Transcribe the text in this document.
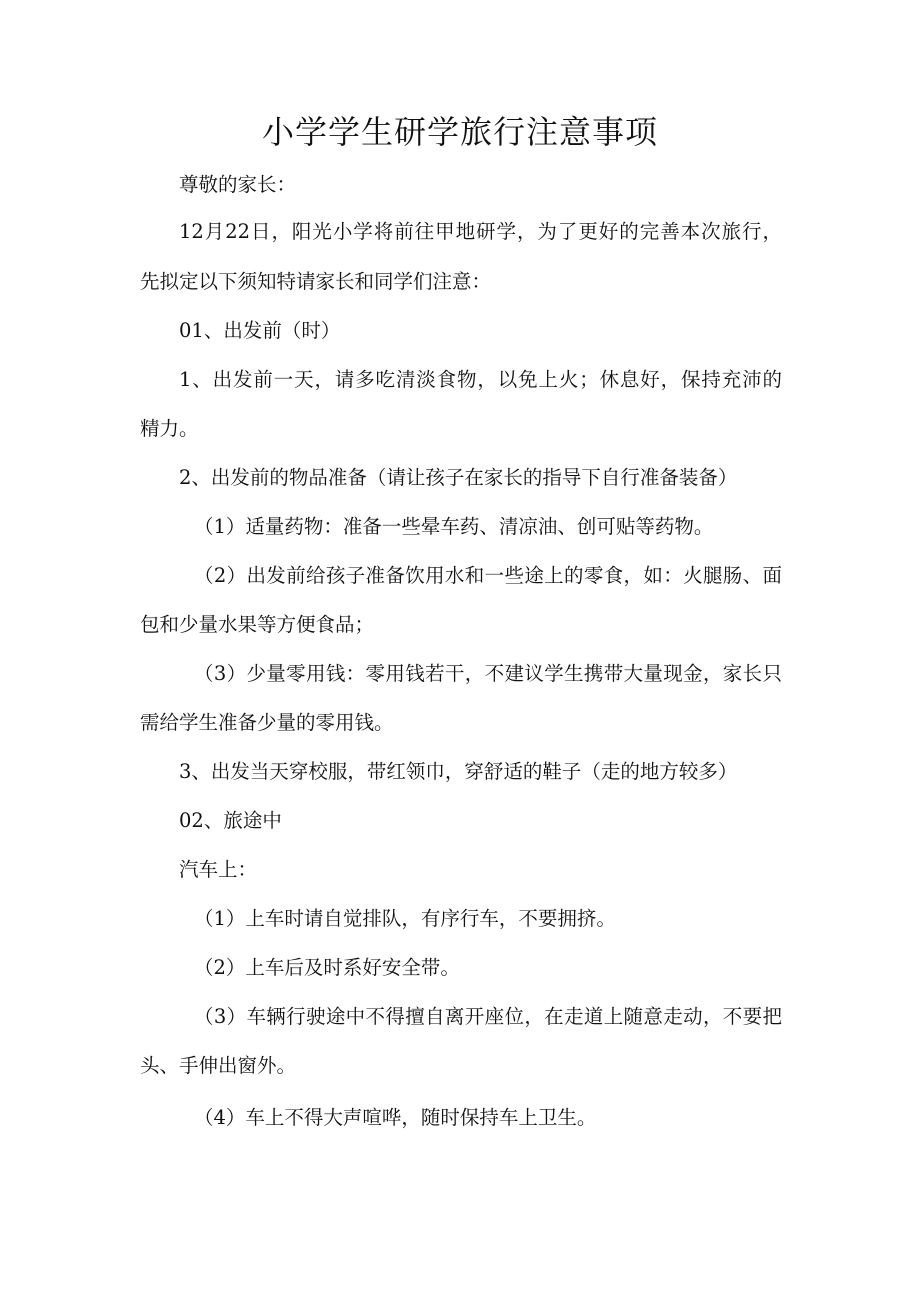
小学学生研学旅行注意事项
尊敬的家长：
12月22日，阳光小学将前往甲地研学，为了更好的完善本次旅行，
先拟定以下须知特请家长和同学们注意：
01、出发前（时）
1、出发前一天，请多吃清淡食物，以免上火；休息好，保持充沛的
精力。
2、出发前的物品准备（请让孩子在家长的指导下自行准备装备）
（1）适量药物：准备一些晕车药、清凉油、创可贴等药物。
（2）出发前给孩子准备饮用水和一些途上的零食，如：火腿肠、面
包和少量水果等方便食品；
（3）少量零用钱：零用钱若干，不建议学生携带大量现金，家长只
需给学生准备少量的零用钱。
3、出发当天穿校服，带红领巾，穿舒适的鞋子（走的地方较多）
02、旅途中
汽车上：
（1）上车时请自觉排队，有序行车，不要拥挤。
（2）上车后及时系好安全带。
（3）车辆行驶途中不得擅自离开座位，在走道上随意走动，不要把
头、手伸出窗外。
（4）车上不得大声喧哗，随时保持车上卫生。
